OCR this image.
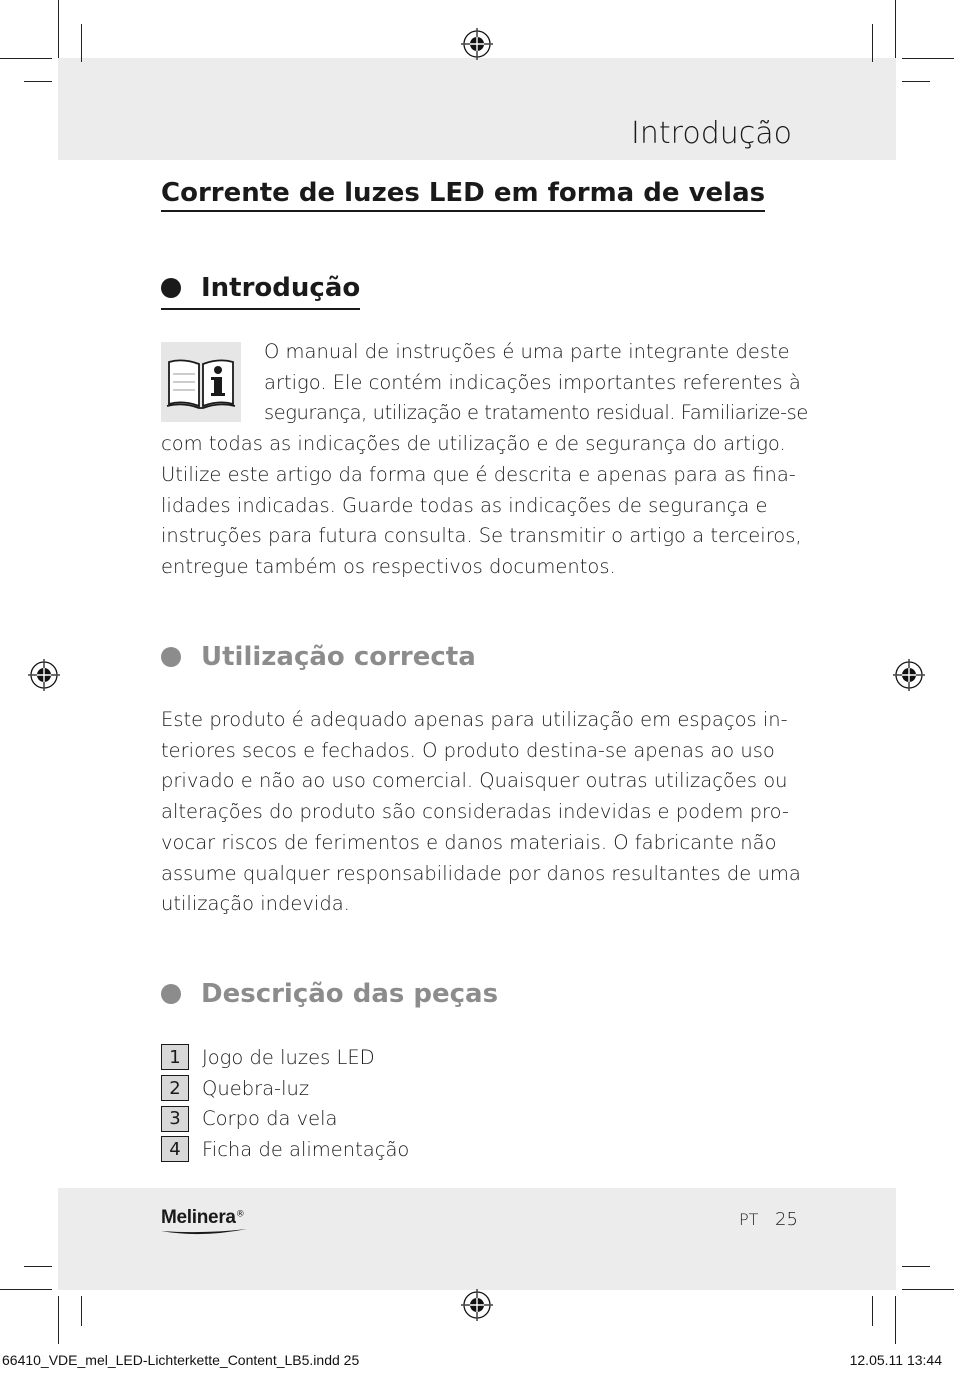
Introdução
Corrente de luzes LED em forma de velas
Introdução
O manual de instruções é uma parte integrante deste
artigo. Ele contém indicações importantes referentes à
segurança, utilização e tratamento residual. Familiarize-se
com todas as indicações de utilização e de segurança do artigo.
Utilize este artigo da forma que é descrita e apenas para as fina-
lidades indicadas. Guarde todas as indicações de segurança e
instruções para futura consulta. Se transmitir o artigo a terceiros,
entregue também os respectivos documentos.
Utilização correcta
Este produto é adequado apenas para utilização em espaços in-
teriores secos e fechados. O produto destina-se apenas ao uso
privado e não ao uso comercial. Quaisquer outras utilizações ou
alterações do produto são consideradas indevidas e podem pro-
vocar riscos de ferimentos e danos materiais. O fabricante não
assume qualquer responsabilidade por danos resultantes de uma
utilização indevida.
Descrição das peças
1	Jogo de luzes LED
2	Quebra-luz
3	Corpo da vela
4	Ficha de alimentação
Melinera®	PT 25
66410_VDE_mel_LED-Lichterkette_Content_LB5.indd 25	12.05.11 13:44
